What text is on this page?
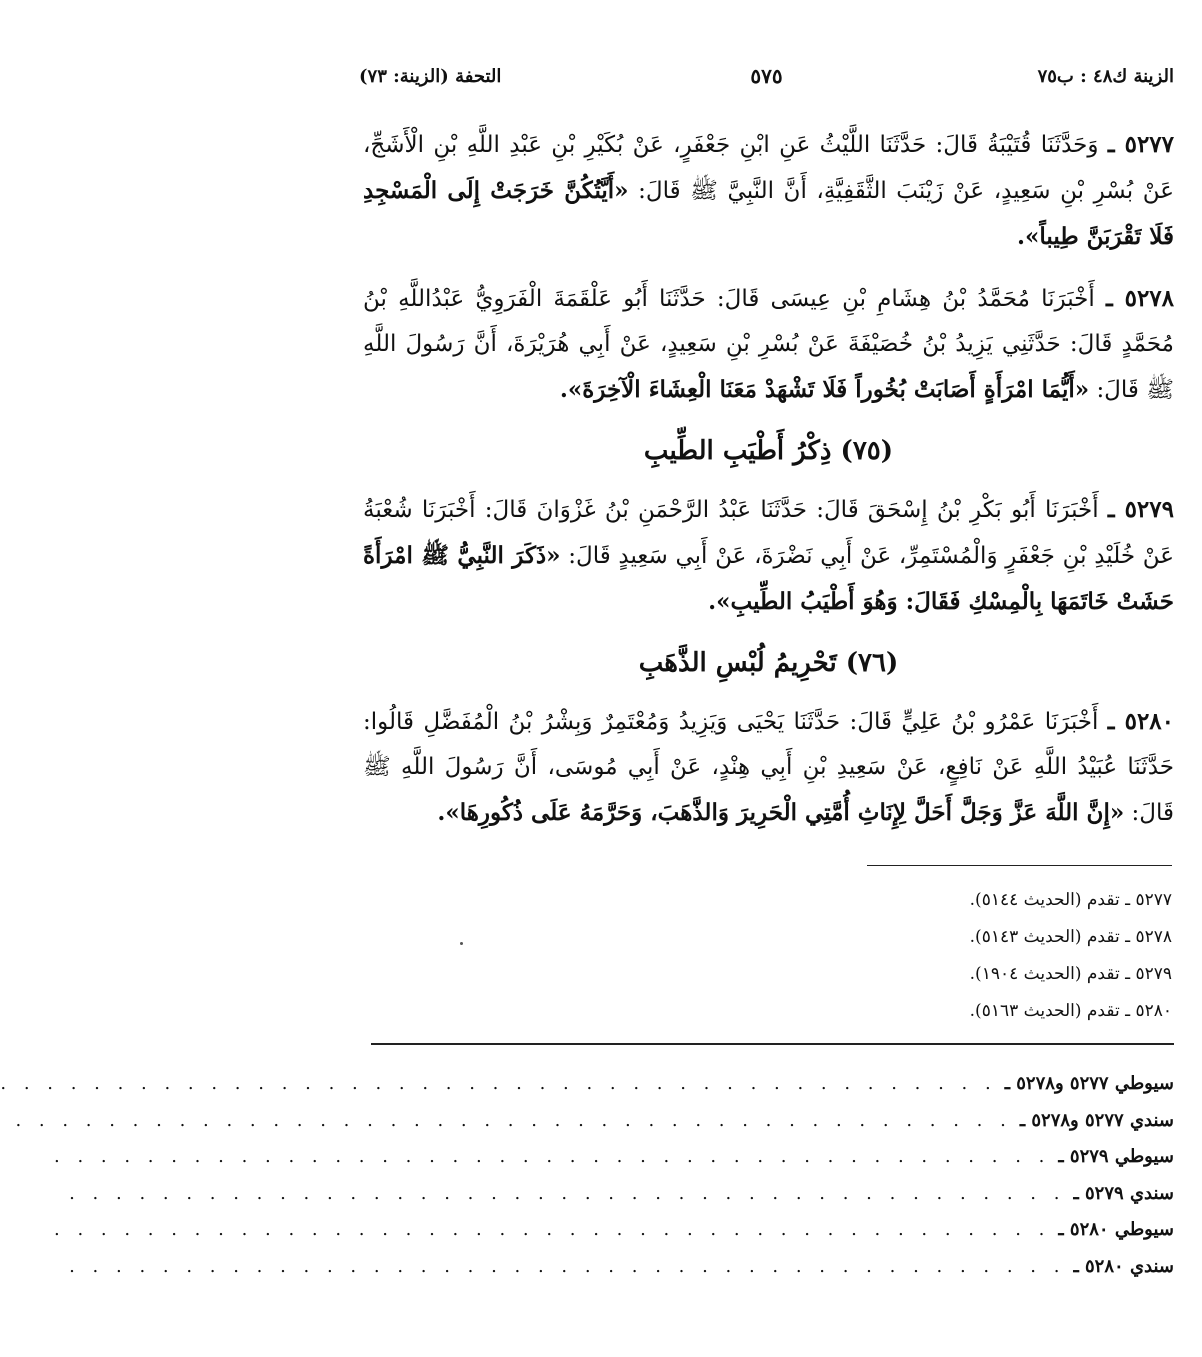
الزينة ك٤٨ : ب٧٥
٥٧٥
التحفة (الزينة: ٧٣)

٥٢٧٧ ـ وَحَدَّثَنَا قُتَيْبَةُ قَالَ: حَدَّثَنَا اللَّيْثُ عَنِ ابْنِ جَعْفَرٍ، عَنْ بُكَيْرِ بْنِ عَبْدِ اللَّهِ بْنِ الْأَشَجِّ، عَنْ بُسْرِ بْنِ سَعِيدٍ، عَنْ زَيْنَبَ الثَّقَفِيَّةِ، أَنَّ النَّبِيَّ ﷺ قَالَ: «أَيَّتُكُنَّ خَرَجَتْ إِلَى الْمَسْجِدِ فَلَا تَقْرَبَنَّ طِيباً».

٥٢٧٨ ـ أَخْبَرَنَا مُحَمَّدُ بْنُ هِشَامِ بْنِ عِيسَى قَالَ: حَدَّثَنَا أَبُو عَلْقَمَةَ الْفَرَوِيُّ عَبْدُاللَّهِ بْنُ مُحَمَّدٍ قَالَ: حَدَّثَنِي يَزِيدُ بْنُ خُصَيْفَةَ عَنْ بُسْرِ بْنِ سَعِيدٍ، عَنْ أَبِي هُرَيْرَةَ، أَنَّ رَسُولَ اللَّهِ ﷺ قَالَ: «أَيُّمَا امْرَأَةٍ أَصَابَتْ بُخُوراً فَلَا تَشْهَدْ مَعَنَا الْعِشَاءَ الْآخِرَةَ».

(٧٥) ذِكْرُ أَطْيَبِ الطِّيبِ

٥٢٧٩ ـ أَخْبَرَنَا أَبُو بَكْرِ بْنُ إِسْحَقَ قَالَ: حَدَّثَنَا عَبْدُ الرَّحْمَنِ بْنُ غَزْوَانَ قَالَ: أَخْبَرَنَا شُعْبَةُ عَنْ خُلَيْدِ بْنِ جَعْفَرٍ وَالْمُسْتَمِرِّ، عَنْ أَبِي نَضْرَةَ، عَنْ أَبِي سَعِيدٍ قَالَ: «ذَكَرَ النَّبِيُّ ﷺ امْرَأَةً حَشَتْ خَاتَمَهَا بِالْمِسْكِ فَقَالَ: وَهُوَ أَطْيَبُ الطِّيبِ».

(٧٦) تَحْرِيمُ لُبْسِ الذَّهَبِ

٥٢٨٠ ـ أَخْبَرَنَا عَمْرُو بْنُ عَلِيٍّ قَالَ: حَدَّثَنَا يَحْيَى وَيَزِيدُ وَمُعْتَمِرٌ وَبِشْرُ بْنُ الْمُفَضَّلِ قَالُوا: حَدَّثَنَا عُبَيْدُ اللَّهِ عَنْ نَافِعٍ، عَنْ سَعِيدِ بْنِ أَبِي هِنْدٍ، عَنْ أَبِي مُوسَى، أَنَّ رَسُولَ اللَّهِ ﷺ قَالَ: «إِنَّ اللَّهَ عَزَّ وَجَلَّ أَحَلَّ لِإِنَاثِ أُمَّتِي الْحَرِيرَ وَالذَّهَبَ، وَحَرَّمَهُ عَلَى ذُكُورِهَا».

٥٢٧٧ ـ تقدم (الحديث ٥١٤٤).
٥٢٧٨ ـ تقدم (الحديث ٥١٤٣).
٥٢٧٩ ـ تقدم (الحديث ١٩٠٤).
٥٢٨٠ ـ تقدم (الحديث ٥١٦٣).
سيوطي ٥٢٧٧ و٥٢٧٨ ـ
. . . . . . . . . . . . . . . . . . . . . . . . . . . . . . . . . . . . . . . . . . .
سندي ٥٢٧٧ و٥٢٧٨ ـ
. . . . . . . . . . . . . . . . . . . . . . . . . . . . . . . . . . . . . . . . . . .
سيوطي ٥٢٧٩ ـ
. . . . . . . . . . . . . . . . . . . . . . . . . . . . . . . . . . . . . . . . . . .
سندي ٥٢٧٩ ـ
. . . . . . . . . . . . . . . . . . . . . . . . . . . . . . . . . . . . . . . . . . .
سيوطي ٥٢٨٠ ـ
. . . . . . . . . . . . . . . . . . . . . . . . . . . . . . . . . . . . . . . . . . .
سندي ٥٢٨٠ ـ
. . . . . . . . . . . . . . . . . . . . . . . . . . . . . . . . . . . . . . . . . . .
